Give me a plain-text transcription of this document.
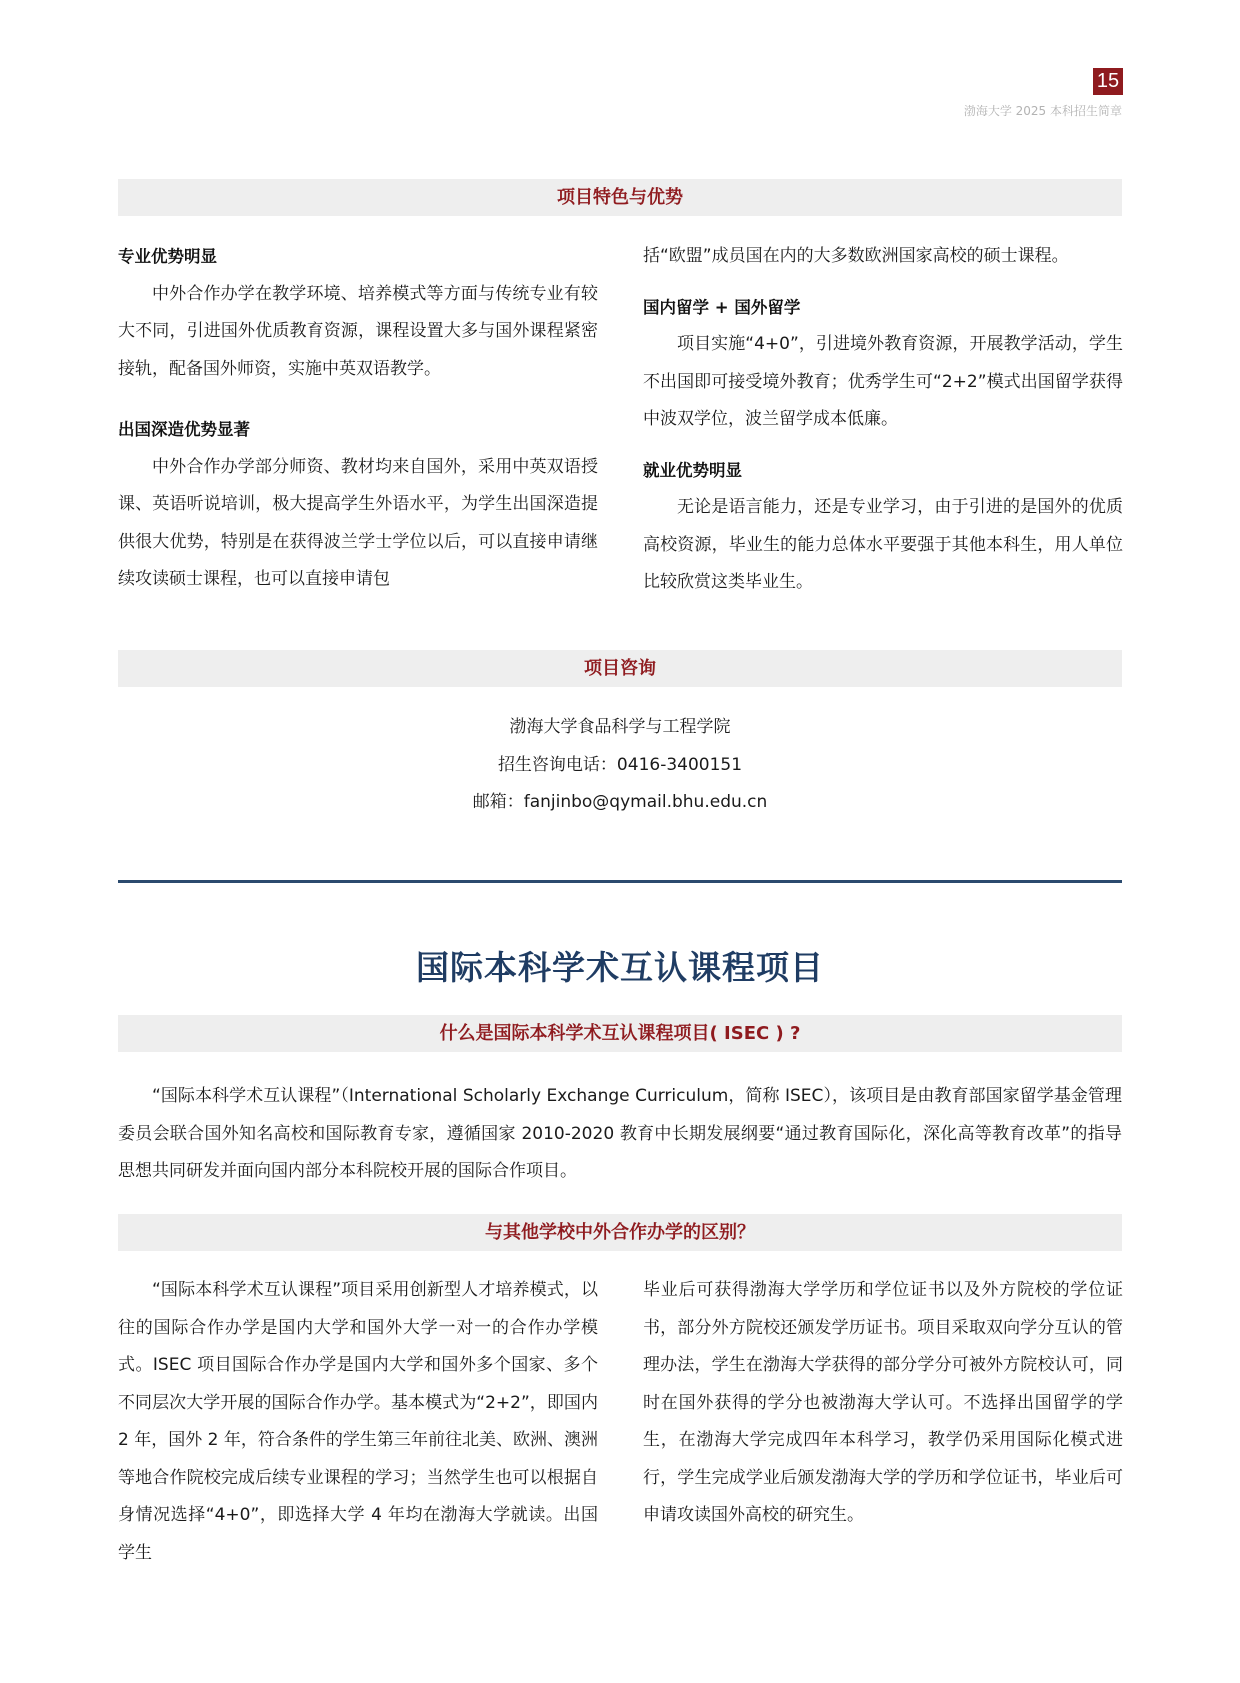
15
渤海大学 2025 本科招生简章
项目特色与优势
专业优势明显

中外合作办学在教学环境、培养模式等方面与传统专业有较大不同，引进国外优质教育资源，课程设置大多与国外课程紧密接轨，配备国外师资，实施中英双语教学。

出国深造优势显著

中外合作办学部分师资、教材均来自国外，采用中英双语授课、英语听说培训，极大提高学生外语水平，为学生出国深造提供很大优势，特别是在获得波兰学士学位以后，可以直接申请继续攻读硕士课程，也可以直接申请包

括“欧盟”成员国在内的大多数欧洲国家高校的硕士课程。

国内留学 + 国外留学

项目实施“4+0”，引进境外教育资源，开展教学活动，学生不出国即可接受境外教育；优秀学生可“2+2”模式出国留学获得中波双学位，波兰留学成本低廉。

就业优势明显

无论是语言能力，还是专业学习，由于引进的是国外的优质高校资源，毕业生的能力总体水平要强于其他本科生，用人单位比较欣赏这类毕业生。

项目咨询
渤海大学食品科学与工程学院
招生咨询电话：0416-3400151
邮箱：fanjinbo@qymail.bhu.edu.cn
国际本科学术互认课程项目
什么是国际本科学术互认课程项目( ISEC ) ?
“国际本科学术互认课程”（International Scholarly Exchange Curriculum，简称 ISEC），该项目是由教育部国家留学基金管理委员会联合国外知名高校和国际教育专家，遵循国家 2010-2020 教育中长期发展纲要“通过教育国际化，深化高等教育改革”的指导思想共同研发并面向国内部分本科院校开展的国际合作项目。
与其他学校中外合作办学的区别？

“国际本科学术互认课程”项目采用创新型人才培养模式，以往的国际合作办学是国内大学和国外大学一对一的合作办学模式。ISEC 项目国际合作办学是国内大学和国外多个国家、多个不同层次大学开展的国际合作办学。基本模式为“2+2”，即国内 2 年，国外 2 年，符合条件的学生第三年前往北美、欧洲、澳洲等地合作院校完成后续专业课程的学习；当然学生也可以根据自身情况选择“4+0”，即选择大学 4 年均在渤海大学就读。出国学生

毕业后可获得渤海大学学历和学位证书以及外方院校的学位证书，部分外方院校还颁发学历证书。项目采取双向学分互认的管理办法，学生在渤海大学获得的部分学分可被外方院校认可，同时在国外获得的学分也被渤海大学认可。不选择出国留学的学生，在渤海大学完成四年本科学习，教学仍采用国际化模式进行，学生完成学业后颁发渤海大学的学历和学位证书，毕业后可申请攻读国外高校的研究生。
